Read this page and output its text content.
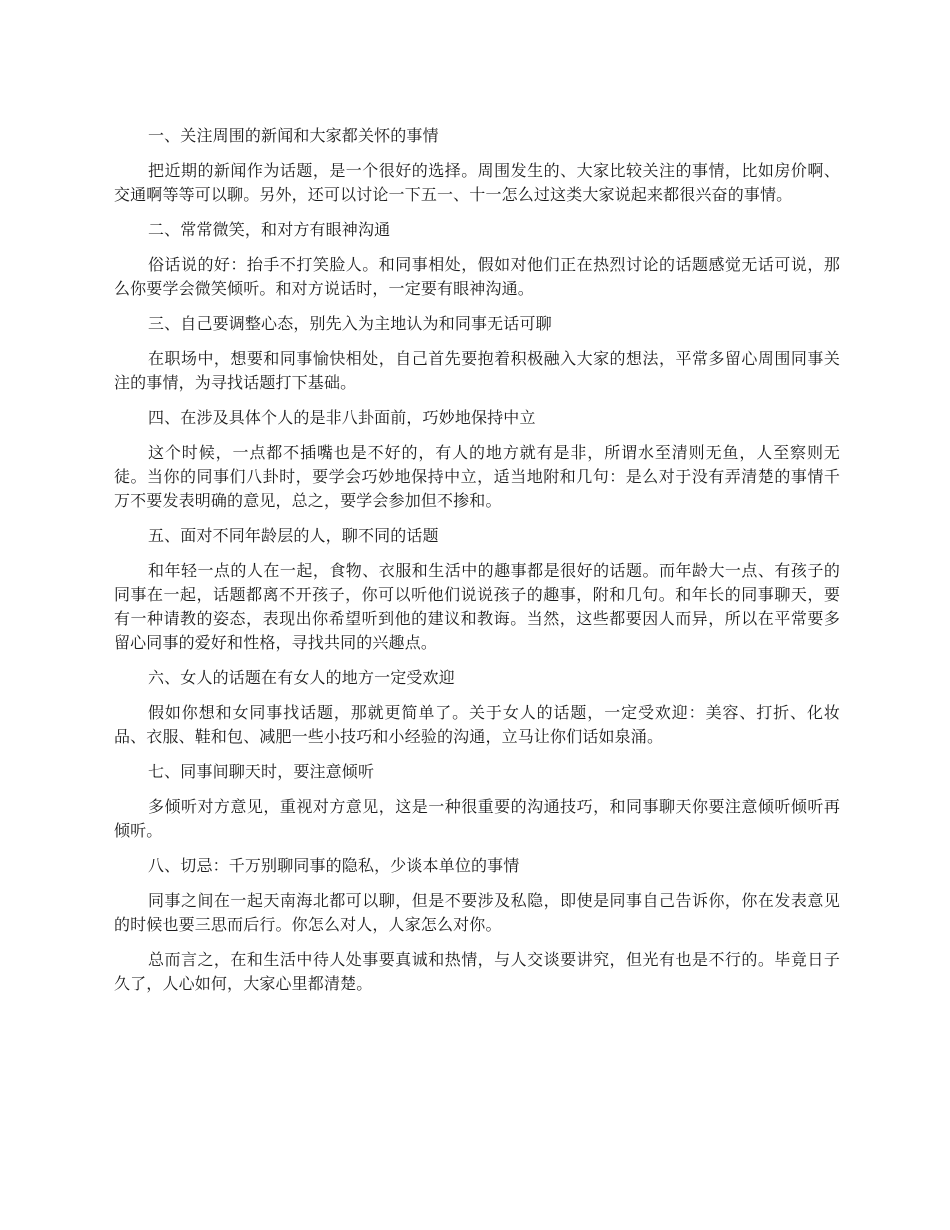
一、关注周围的新闻和大家都关怀的事情

把近期的新闻作为话题，是一个很好的选择。周围发生的、大家比较关注的事情，比如房价啊、交通啊等等可以聊。另外，还可以讨论一下五一、十一怎么过这类大家说起来都很兴奋的事情。

二、常常微笑，和对方有眼神沟通

俗话说的好：抬手不打笑脸人。和同事相处，假如对他们正在热烈讨论的话题感觉无话可说，那么你要学会微笑倾听。和对方说话时，一定要有眼神沟通。

三、自己要调整心态，别先入为主地认为和同事无话可聊

在职场中，想要和同事愉快相处，自己首先要抱着积极融入大家的想法，平常多留心周围同事关注的事情，为寻找话题打下基础。

四、在涉及具体个人的是非八卦面前，巧妙地保持中立

这个时候，一点都不插嘴也是不好的，有人的地方就有是非，所谓水至清则无鱼，人至察则无徒。当你的同事们八卦时，要学会巧妙地保持中立，适当地附和几句：是么对于没有弄清楚的事情千万不要发表明确的意见，总之，要学会参加但不掺和。

五、面对不同年龄层的人，聊不同的话题

和年轻一点的人在一起，食物、衣服和生活中的趣事都是很好的话题。而年龄大一点、有孩子的同事在一起，话题都离不开孩子，你可以听他们说说孩子的趣事，附和几句。和年长的同事聊天，要有一种请教的姿态，表现出你希望听到他的建议和教诲。当然，这些都要因人而异，所以在平常要多留心同事的爱好和性格，寻找共同的兴趣点。

六、女人的话题在有女人的地方一定受欢迎

假如你想和女同事找话题，那就更简单了。关于女人的话题，一定受欢迎：美容、打折、化妆品、衣服、鞋和包、减肥一些小技巧和小经验的沟通，立马让你们话如泉涌。

七、同事间聊天时，要注意倾听

多倾听对方意见，重视对方意见，这是一种很重要的沟通技巧，和同事聊天你要注意倾听倾听再倾听。

八、切忌：千万别聊同事的隐私，少谈本单位的事情

同事之间在一起天南海北都可以聊，但是不要涉及私隐，即使是同事自己告诉你，你在发表意见的时候也要三思而后行。你怎么对人，人家怎么对你。

总而言之，在和生活中待人处事要真诚和热情，与人交谈要讲究，但光有也是不行的。毕竟日子久了，人心如何，大家心里都清楚。
